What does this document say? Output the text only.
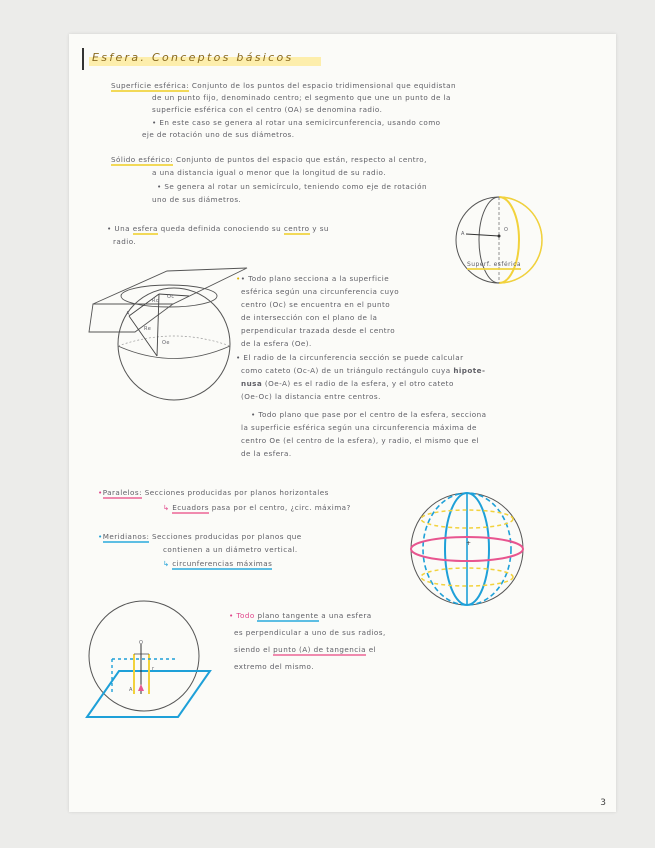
Esfera. Conceptos básicos
Superficie esférica: Conjunto de los puntos del espacio tridimensional que equidistan
de un punto fijo, denominado centro; el segmento que une un punto de la
superficie esférica con el centro (OA) se denomina radio.
• En este caso se genera al rotar una semicircunferencia, usando como
eje de rotación uno de sus diámetros.
Sólido esférico: Conjunto de puntos del espacio que están, respecto al centro,
a una distancia igual o menor que la longitud de su radio.
• Se genera al rotar un semicírculo, teniendo como eje de rotación
uno de sus diámetros.
• Una esfera queda definida conociendo su centro y su
radio.
A
O
Superf. esférica
Rc
Oc
A
Re
Oe
•• Todo plano secciona a la superficie
esférica según una circunferencia cuyo
centro (Oc) se encuentra en el punto
de intersección con el plano de la
perpendicular trazada desde el centro
de la esfera (Oe).
• El radio de la circunferencia sección se puede calcular
como cateto (Oc-A) de un triángulo rectángulo cuya hipote-
nusa (Oe-A) es el radio de la esfera, y el otro cateto
(Oe-Oc) la distancia entre centros.
• Todo plano que pase por el centro de la esfera, secciona
la superficie esférica según una circunferencia máxima de
centro Oe (el centro de la esfera), y radio, el mismo que el
de la esfera.
•Paralelos: Secciones producidas por planos horizontales
↳ Ecuadors pasa por el centro, ¿circ. máxima?
•Meridianos: Secciones producidas por planos que
contienen a un diámetro vertical.
↳ circunferencias máximas
+
O
r
A
• Todo plano tangente a una esfera
es perpendicular a uno de sus radios,
siendo el punto (A) de tangencia el
extremo del mismo.
3
